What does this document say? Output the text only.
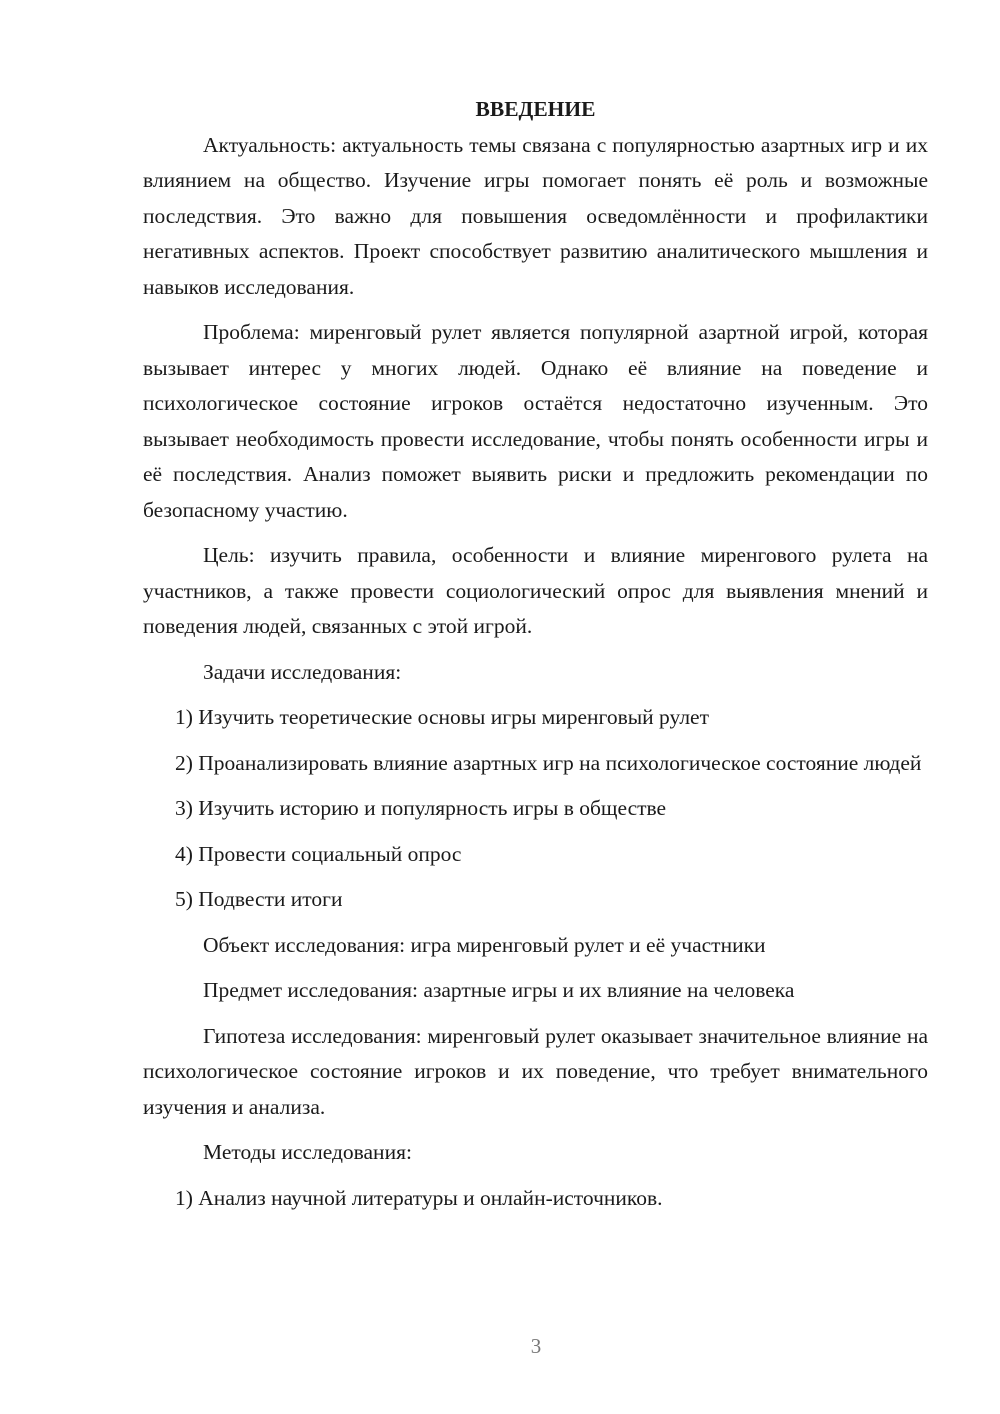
ВВЕДЕНИЕ

Актуальность: актуальность темы связана с популярностью азартных игр и их влиянием на общество. Изучение игры помогает понять её роль и возможные последствия. Это важно для повышения осведомлённости и профилактики негативных аспектов. Проект способствует развитию аналитического мышления и навыков исследования.

Проблема: миренговый рулет является популярной азартной игрой, которая вызывает интерес у многих людей. Однако её влияние на поведение и психологическое состояние игроков остаётся недостаточно изученным. Это вызывает необходимость провести исследование, чтобы понять особенности игры и её последствия. Анализ поможет выявить риски и предложить рекомендации по безопасному участию.

Цель: изучить правила, особенности и влияние миренгового рулета на участников, а также провести социологический опрос для выявления мнений и поведения людей, связанных с этой игрой.

Задачи исследования:

1) Изучить теоретические основы игры миренговый рулет

2) Проанализировать влияние азартных игр на психологическое состояние людей

3) Изучить историю и популярность игры в обществе

4) Провести социальный опрос

5) Подвести итоги

Объект исследования: игра миренговый рулет и её участники

Предмет исследования: азартные игры и их влияние на человека

Гипотеза исследования: миренговый рулет оказывает значительное влияние на психологическое состояние игроков и их поведение, что требует внимательного изучения и анализа.

Методы исследования:

1) Анализ научной литературы и онлайн-источников.

3
